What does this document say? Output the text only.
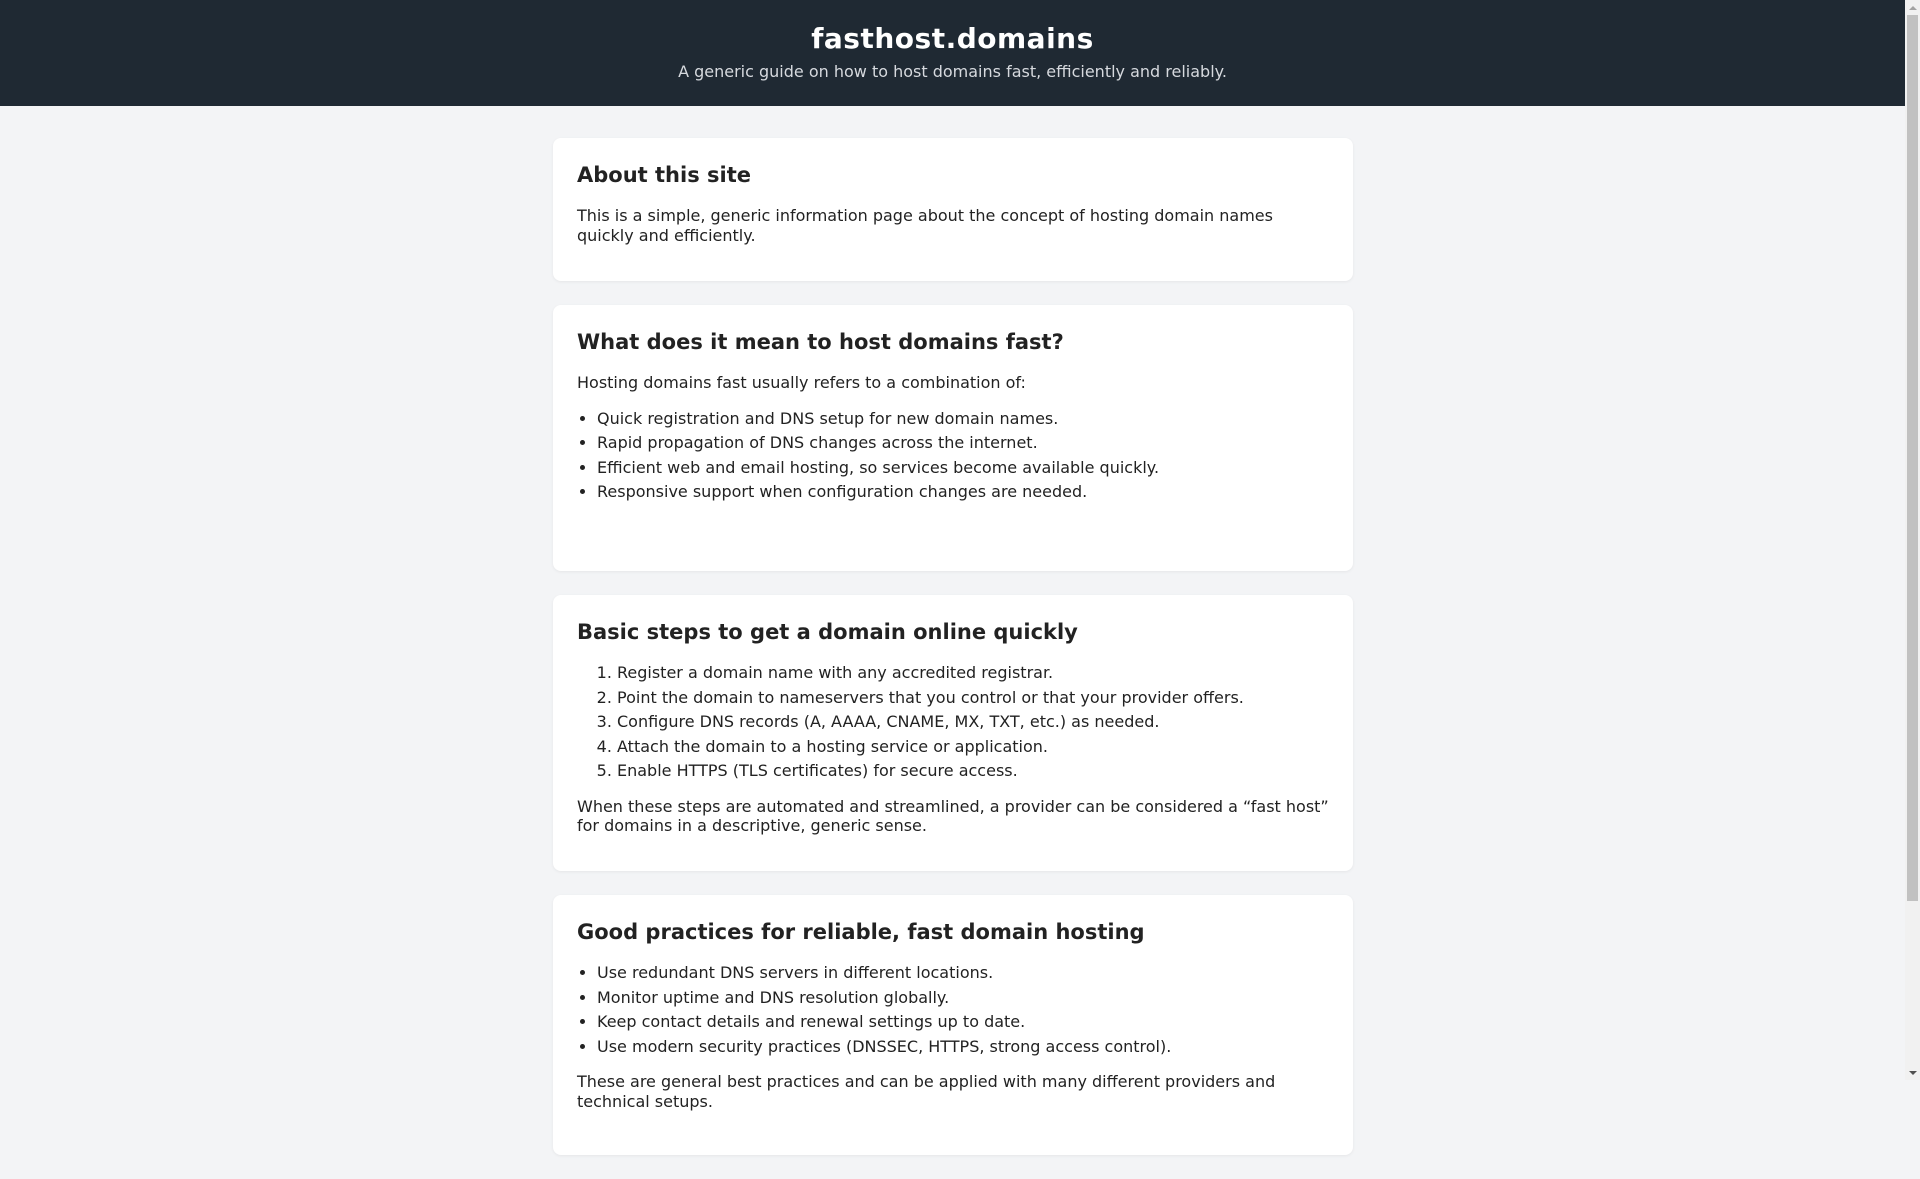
fasthost.domains

A generic guide on how to host domains fast, efficiently and reliably.

About this site

This is a simple, generic information page about the concept of hosting domain names quickly and efficiently.

What does it mean to host domains fast?

Hosting domains fast usually refers to a combination of:

• Quick registration and DNS setup for new domain names.
• Rapid propagation of DNS changes across the internet.
• Efficient web and email hosting, so services become available quickly.
• Responsive support when configuration changes are needed.
Basic steps to get a domain online quickly
1. Register a domain name with any accredited registrar.
2. Point the domain to nameservers that you control or that your provider offers.
3. Configure DNS records (A, AAAA, CNAME, MX, TXT, etc.) as needed.
4. Attach the domain to a hosting service or application.
5. Enable HTTPS (TLS certificates) for secure access.

When these steps are automated and streamlined, a provider can be considered a “fast host” for domains in a descriptive, generic sense.

Good practices for reliable, fast domain hosting
• Use redundant DNS servers in different locations.
• Monitor uptime and DNS resolution globally.
• Keep contact details and renewal settings up to date.
• Use modern security practices (DNSSEC, HTTPS, strong access control).

These are general best practices and can be applied with many different providers and technical setups.
